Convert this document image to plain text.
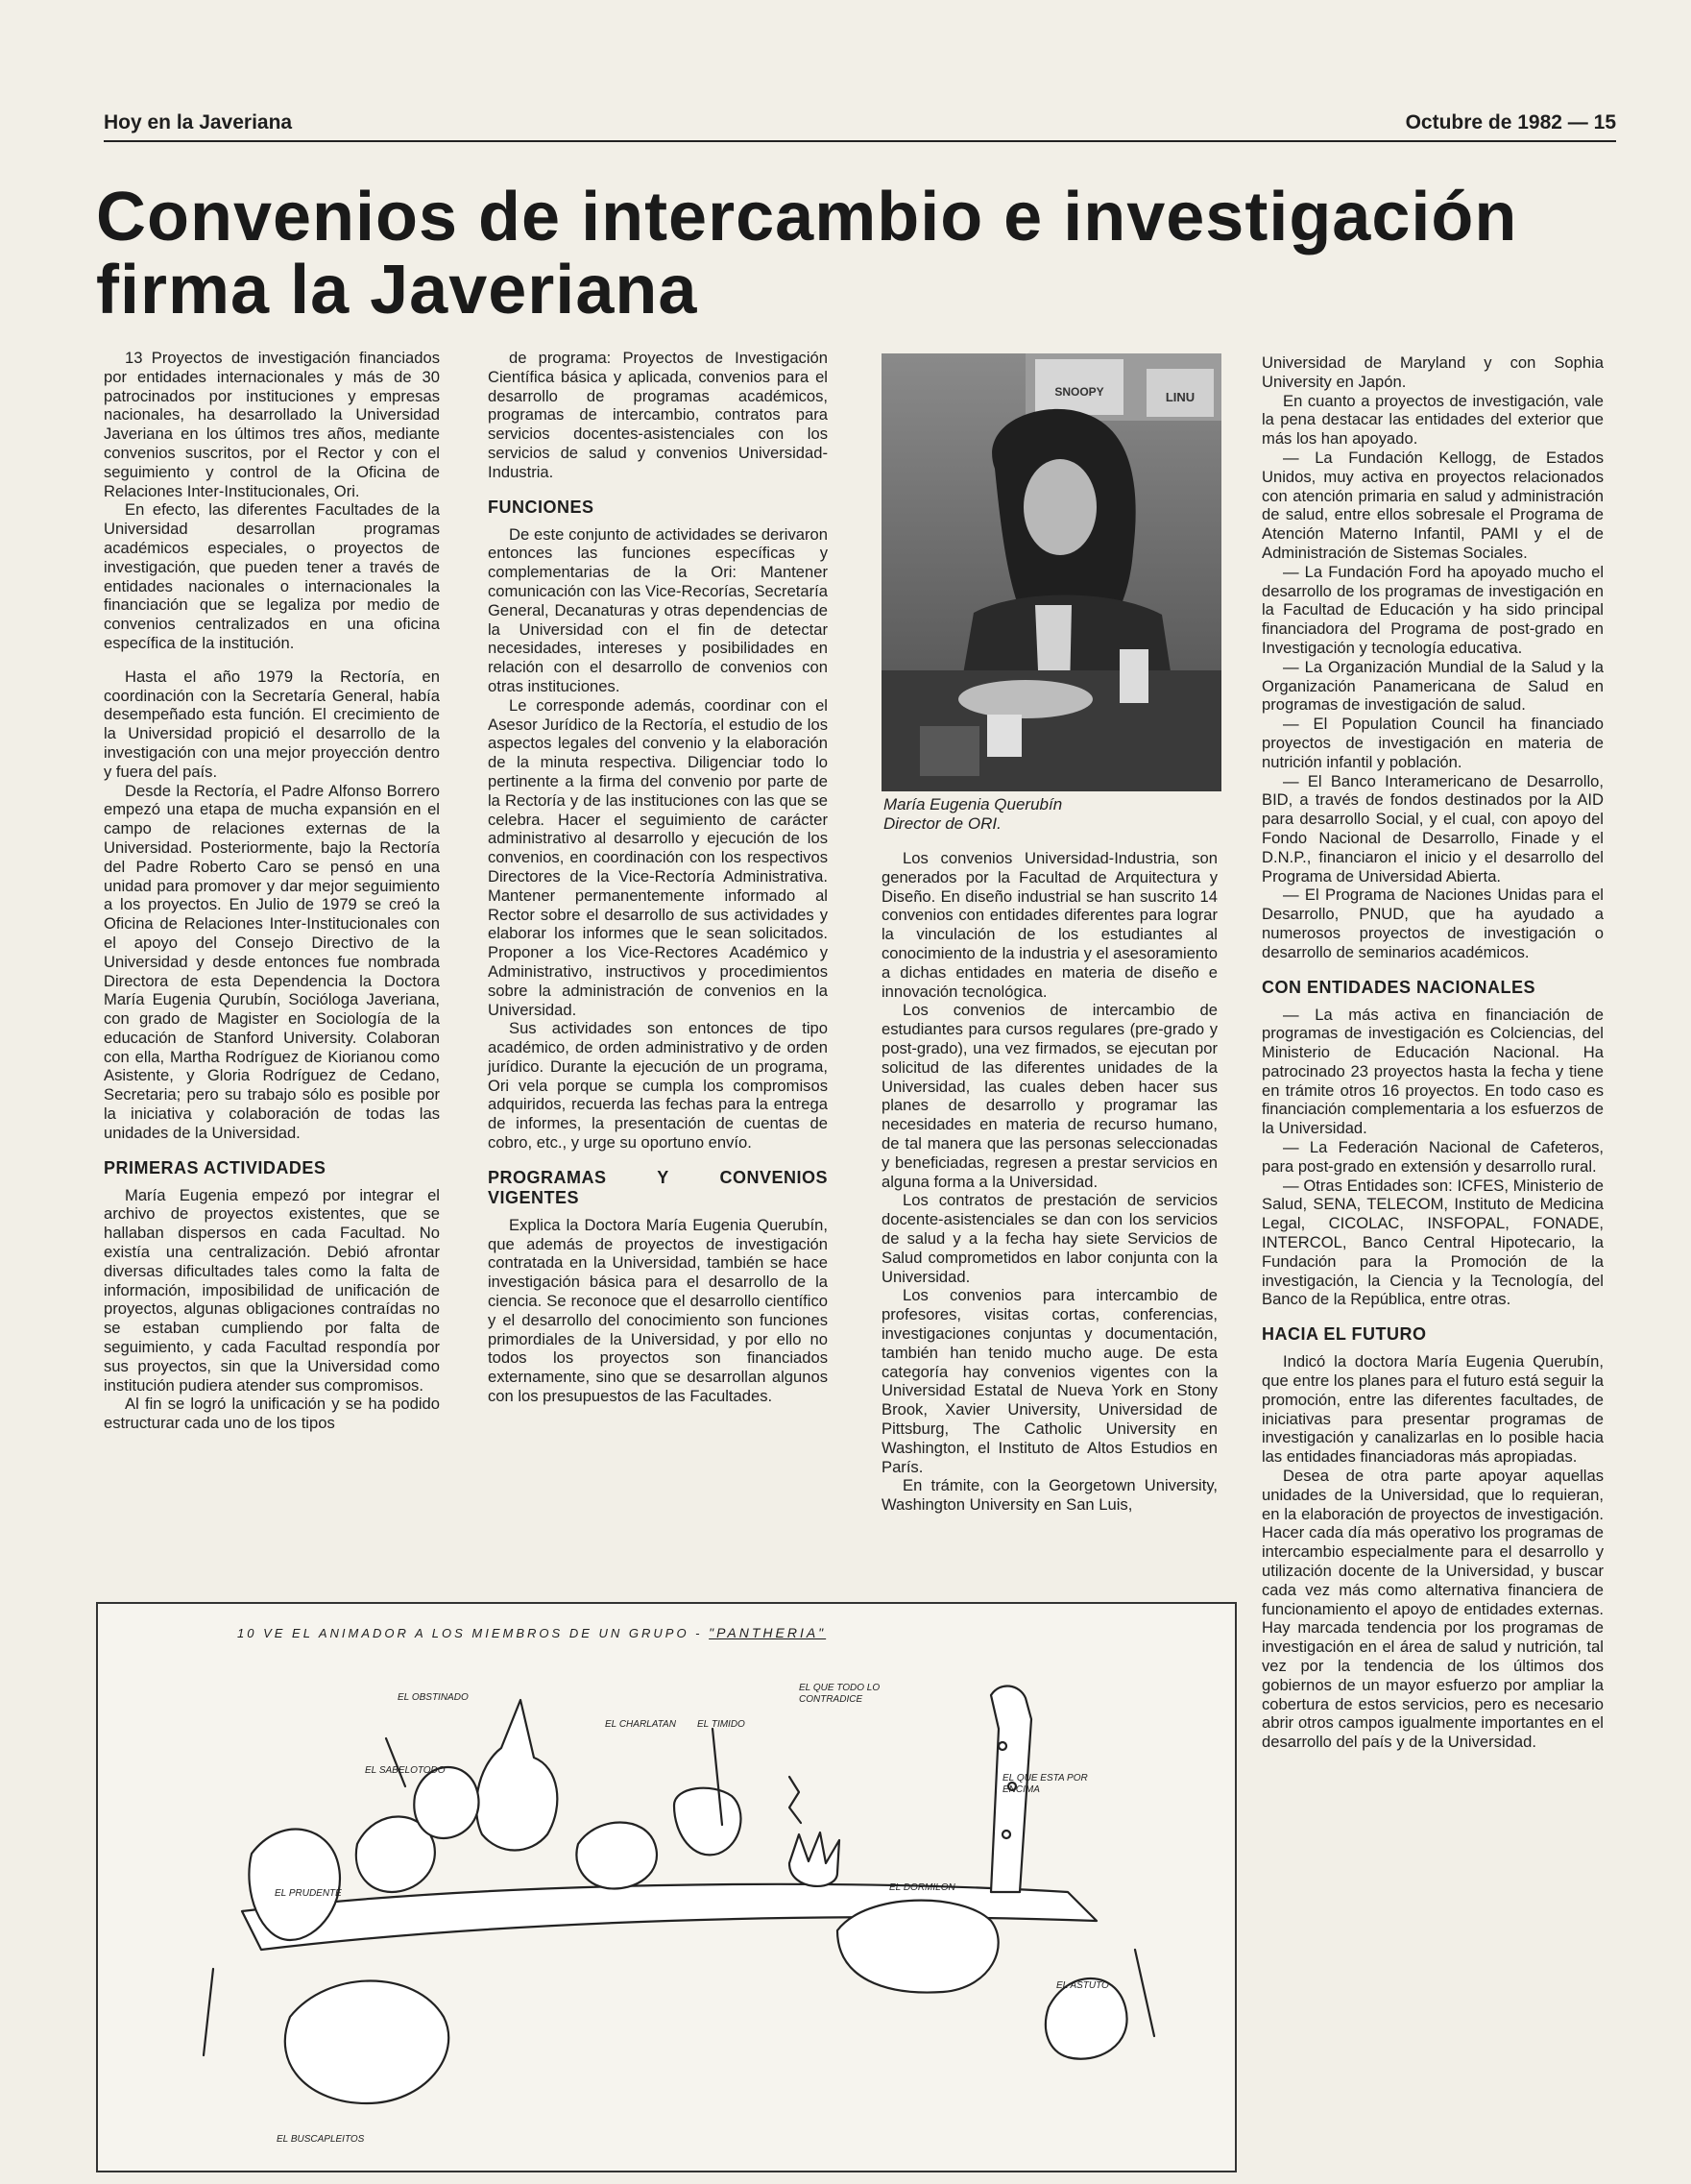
Hoy en la Javeriana	Octubre de 1982 — 15
Convenios de intercambio e investigación firma la Javeriana

13 Proyectos de investigación financiados por entidades internacionales y más de 30 patrocinados por instituciones y empresas nacionales, ha desarrollado la Universidad Javeriana en los últimos tres años, mediante convenios suscritos, por el Rector y con el seguimiento y control de la Oficina de Relaciones Inter-Institucionales, Ori.

En efecto, las diferentes Facultades de la Universidad desarrollan programas académicos especiales, o proyectos de investigación, que pueden tener a través de entidades nacionales o internacionales la financiación que se legaliza por medio de convenios centralizados en una oficina específica de la institución.

Hasta el año 1979 la Rectoría, en coordinación con la Secretaría General, había desempeñado esta función. El crecimiento de la Universidad propició el desarrollo de la investigación con una mejor proyección dentro y fuera del país.

Desde la Rectoría, el Padre Alfonso Borrero empezó una etapa de mucha expansión en el campo de relaciones externas de la Universidad. Posteriormente, bajo la Rectoría del Padre Roberto Caro se pensó en una unidad para promover y dar mejor seguimiento a los proyectos. En Julio de 1979 se creó la Oficina de Relaciones Inter-Institucionales con el apoyo del Consejo Directivo de la Universidad y desde entonces fue nombrada Directora de esta Dependencia la Doctora María Eugenia Qurubín, Socióloga Javeriana, con grado de Magister en Sociología de la educación de Stanford University. Colaboran con ella, Martha Rodríguez de Kiorianou como Asistente, y Gloria Rodríguez de Cedano, Secretaria; pero su trabajo sólo es posible por la iniciativa y colaboración de todas las unidades de la Universidad.

PRIMERAS ACTIVIDADES

María Eugenia empezó por integrar el archivo de proyectos existentes, que se hallaban dispersos en cada Facultad. No existía una centralización. Debió afrontar diversas dificultades tales como la falta de información, imposibilidad de unificación de proyectos, algunas obligaciones contraídas no se estaban cumpliendo por falta de seguimiento, y cada Facultad respondía por sus proyectos, sin que la Universidad como institución pudiera atender sus compromisos.

Al fin se logró la unificación y se ha podido estructurar cada uno de los tipos

de programa: Proyectos de Investigación Científica básica y aplicada, convenios para el desarrollo de programas académicos, programas de intercambio, contratos para servicios docentes-asistenciales con los servicios de salud y convenios Universidad-Industria.

FUNCIONES

De este conjunto de actividades se derivaron entonces las funciones específicas y complementarias de la Ori: Mantener comunicación con las Vice-Recorías, Secretaría General, Decanaturas y otras dependencias de la Universidad con el fin de detectar necesidades, intereses y posibilidades en relación con el desarrollo de convenios con otras instituciones.

Le corresponde además, coordinar con el Asesor Jurídico de la Rectoría, el estudio de los aspectos legales del convenio y la elaboración de la minuta respectiva. Diligenciar todo lo pertinente a la firma del convenio por parte de la Rectoría y de las instituciones con las que se celebra. Hacer el seguimiento de carácter administrativo al desarrollo y ejecución de los convenios, en coordinación con los respectivos Directores de la Vice-Rectoría Administrativa. Mantener permanentemente informado al Rector sobre el desarrollo de sus actividades y elaborar los informes que le sean solicitados. Proponer a los Vice-Rectores Académico y Administrativo, instructivos y procedimientos sobre la administración de convenios en la Universidad.

Sus actividades son entonces de tipo académico, de orden administrativo y de orden jurídico. Durante la ejecución de un programa, Ori vela porque se cumpla los compromisos adquiridos, recuerda las fechas para la entrega de informes, la presentación de cuentas de cobro, etc., y urge su oportuno envío.

PROGRAMAS Y CONVENIOS VIGENTES

Explica la Doctora María Eugenia Querubín, que además de proyectos de investigación contratada en la Universidad, también se hace investigación básica para el desarrollo de la ciencia. Se reconoce que el desarrollo científico y el desarrollo del conocimiento son funciones primordiales de la Universidad, y por ello no todos los proyectos son financiados externamente, sino que se desarrollan algunos con los presupuestos de las Facultades.

SNOOPY	LINU
María Eugenia Querubín
Director de ORI.

Los convenios Universidad-Industria, son generados por la Facultad de Arquitectura y Diseño. En diseño industrial se han suscrito 14 convenios con entidades diferentes para lograr la vinculación de los estudiantes al conocimiento de la industria y el asesoramiento a dichas entidades en materia de diseño e innovación tecnológica.

Los convenios de intercambio de estudiantes para cursos regulares (pre-grado y post-grado), una vez firmados, se ejecutan por solicitud de las diferentes unidades de la Universidad, las cuales deben hacer sus planes de desarrollo y programar las necesidades en materia de recurso humano, de tal manera que las personas seleccionadas y beneficiadas, regresen a prestar servicios en alguna forma a la Universidad.

Los contratos de prestación de servicios docente-asistenciales se dan con los servicios de salud y a la fecha hay siete Servicios de Salud comprometidos en labor conjunta con la Universidad.

Los convenios para intercambio de profesores, visitas cortas, conferencias, investigaciones conjuntas y documentación, también han tenido mucho auge. De esta categoría hay convenios vigentes con la Universidad Estatal de Nueva York en Stony Brook, Xavier University, Universidad de Pittsburg, The Catholic University en Washington, el Instituto de Altos Estudios en París.

En trámite, con la Georgetown University, Washington University en San Luis,

Universidad de Maryland y con Sophia University en Japón.

En cuanto a proyectos de investigación, vale la pena destacar las entidades del exterior que más los han apoyado.

— La Fundación Kellogg, de Estados Unidos, muy activa en proyectos relacionados con atención primaria en salud y administración de salud, entre ellos sobresale el Programa de Atención Materno Infantil, PAMI y el de Administración de Sistemas Sociales.

— La Fundación Ford ha apoyado mucho el desarrollo de los programas de investigación en la Facultad de Educación y ha sido principal financiadora del Programa de post-grado en Investigación y tecnología educativa.

— La Organización Mundial de la Salud y la Organización Panamericana de Salud en programas de investigación de salud.

— El Population Council ha financiado proyectos de investigación en materia de nutrición infantil y población.

— El Banco Interamericano de Desarrollo, BID, a través de fondos destinados por la AID para desarrollo Social, y el cual, con apoyo del Fondo Nacional de Desarrollo, Finade y el D.N.P., financiaron el inicio y el desarrollo del Programa de Universidad Abierta.

— El Programa de Naciones Unidas para el Desarrollo, PNUD, que ha ayudado a numerosos proyectos de investigación o desarrollo de seminarios académicos.

CON ENTIDADES NACIONALES

— La más activa en financiación de programas de investigación es Colciencias, del Ministerio de Educación Nacional. Ha patrocinado 23 proyectos hasta la fecha y tiene en trámite otros 16 proyectos. En todo caso es financiación complementaria a los esfuerzos de la Universidad.

— La Federación Nacional de Cafeteros, para post-grado en extensión y desarrollo rural.

— Otras Entidades son: ICFES, Ministerio de Salud, SENA, TELECOM, Instituto de Medicina Legal, CICOLAC, INSFOPAL, FONADE, INTERCOL, Banco Central Hipotecario, la Fundación para la Promoción de la investigación, la Ciencia y la Tecnología, del Banco de la República, entre otras.

HACIA EL FUTURO

Indicó la doctora María Eugenia Querubín, que entre los planes para el futuro está seguir la promoción, entre las diferentes facultades, de iniciativas para presentar programas de investigación y canalizarlas en lo posible hacia las entidades financiadoras más apropiadas.

Desea de otra parte apoyar aquellas unidades de la Universidad, que lo requieran, en la elaboración de proyectos de investigación. Hacer cada día más operativo los programas de intercambio especialmente para el desarrollo y utilización docente de la Universidad, y buscar cada vez más como alternativa financiera de funcionamiento el apoyo de entidades externas. Hay marcada tendencia por los programas de investigación en el área de salud y nutrición, tal vez por la tendencia de los últimos dos gobiernos de un mayor esfuerzo por ampliar la cobertura de estos servicios, pero es necesario abrir otros campos igualmente importantes en el desarrollo del país y de la Universidad.

10 VE EL ANIMADOR A LOS MIEMBROS DE UN GRUPO - "PANTHERIA"
EL SABELOTODO
EL OBSTINADO
EL CHARLATAN EL TIMIDO
EL QUE TODO LO CONTRADICE
EL QUE ESTA POR ENCIMA
EL PRUDENTE
EL DORMILON
EL ASTUTO
EL BUSCAPLEITOS
